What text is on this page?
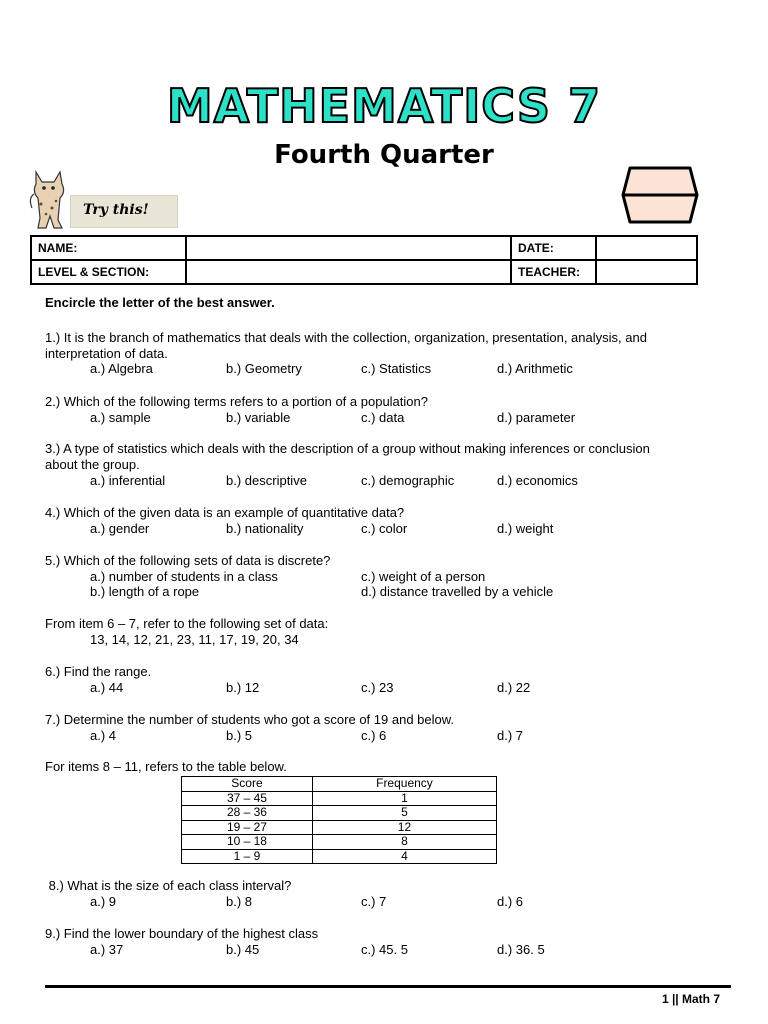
MATHEMATICS 7
Fourth Quarter
Try this!
NAME:		DATE:	
LEVEL & SECTION:		TEACHER:	
Encircle the letter of the best answer.
1.) It is the branch of mathematics that deals with the collection, organization, presentation, analysis, and
interpretation of data.
a.) Algebra	b.) Geometry	c.) Statistics	d.) Arithmetic
2.) Which of the following terms refers to a portion of a population?
a.) sample	b.) variable	c.) data	d.) parameter
3.) A type of statistics which deals with the description of a group without making inferences or conclusion
about the group.
a.) inferential	b.) descriptive	c.) demographic	d.) economics
4.) Which of the given data is an example of quantitative data?
a.) gender	b.) nationality	c.) color	d.) weight
5.) Which of the following sets of data is discrete?
a.) number of students in a class
b.) length of a rope
c.) weight of a person
d.) distance travelled by a vehicle
From item 6 – 7, refer to the following set of data:
13, 14, 12, 21, 23, 11, 17, 19, 20, 34
6.) Find the range.
a.) 44	b.) 12	c.) 23	d.) 22
7.) Determine the number of students who got a score of 19 and below.
a.) 4	b.) 5	c.) 6	d.) 7
For items 8 – 11, refers to the table below.
Score	Frequency
37 – 45	1
28 – 36	5
19 – 27	12
10 – 18	8
1 – 9	4
8.) What is the size of each class interval?
a.) 9	b.) 8	c.) 7	d.) 6
9.) Find the lower boundary of the highest class
a.) 37	b.) 45	c.) 45. 5	d.) 36. 5
1 || Math 7
